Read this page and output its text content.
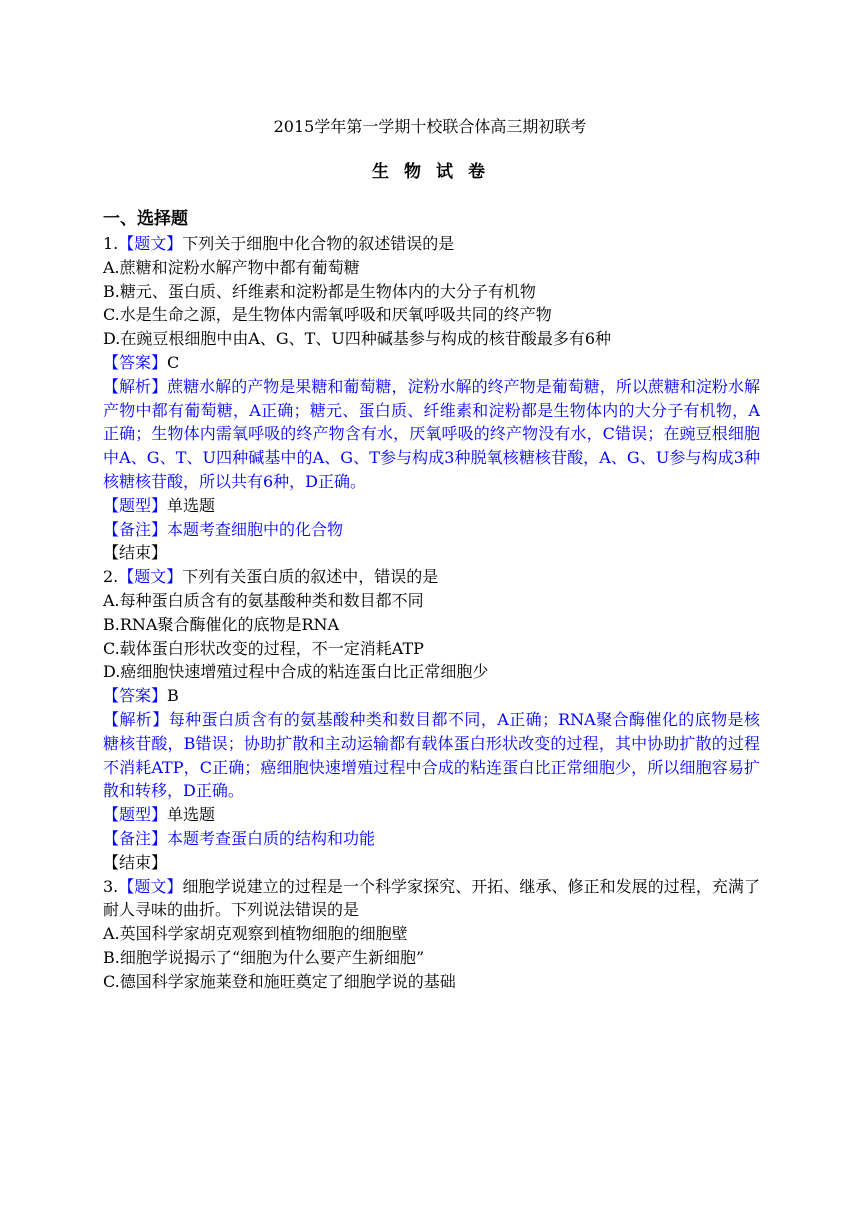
2015学年第一学期十校联合体高三期初联考
生物试卷
一、选择题

1.【题文】下列关于细胞中化合物的叙述错误的是

A.蔗糖和淀粉水解产物中都有葡萄糖

B.糖元、蛋白质、纤维素和淀粉都是生物体内的大分子有机物

C.水是生命之源，是生物体内需氧呼吸和厌氧呼吸共同的终产物

D.在豌豆根细胞中由A、G、T、U四种碱基参与构成的核苷酸最多有6种

【答案】C

【解析】蔗糖水解的产物是果糖和葡萄糖，淀粉水解的终产物是葡萄糖，所以蔗糖和淀粉水解产物中都有葡萄糖，A正确；糖元、蛋白质、纤维素和淀粉都是生物体内的大分子有机物，A正确；生物体内需氧呼吸的终产物含有水，厌氧呼吸的终产物没有水，C错误；在豌豆根细胞中A、G、T、U四种碱基中的A、G、T参与构成3种脱氧核糖核苷酸，A、G、U参与构成3种核糖核苷酸，所以共有6种，D正确。

【题型】单选题

【备注】本题考查细胞中的化合物

【结束】

2.【题文】下列有关蛋白质的叙述中，错误的是

A.每种蛋白质含有的氨基酸种类和数目都不同

B.RNA聚合酶催化的底物是RNA

C.载体蛋白形状改变的过程，不一定消耗ATP

D.癌细胞快速增殖过程中合成的粘连蛋白比正常细胞少

【答案】B

【解析】每种蛋白质含有的氨基酸种类和数目都不同，A正确；RNA聚合酶催化的底物是核糖核苷酸，B错误；协助扩散和主动运输都有载体蛋白形状改变的过程，其中协助扩散的过程不消耗ATP，C正确；癌细胞快速增殖过程中合成的粘连蛋白比正常细胞少，所以细胞容易扩散和转移，D正确。

【题型】单选题

【备注】本题考查蛋白质的结构和功能

【结束】

3.【题文】细胞学说建立的过程是一个科学家探究、开拓、继承、修正和发展的过程，充满了耐人寻味的曲折。下列说法错误的是

A.英国科学家胡克观察到植物细胞的细胞壁

B.细胞学说揭示了“细胞为什么要产生新细胞”

C.德国科学家施莱登和施旺奠定了细胞学说的基础
